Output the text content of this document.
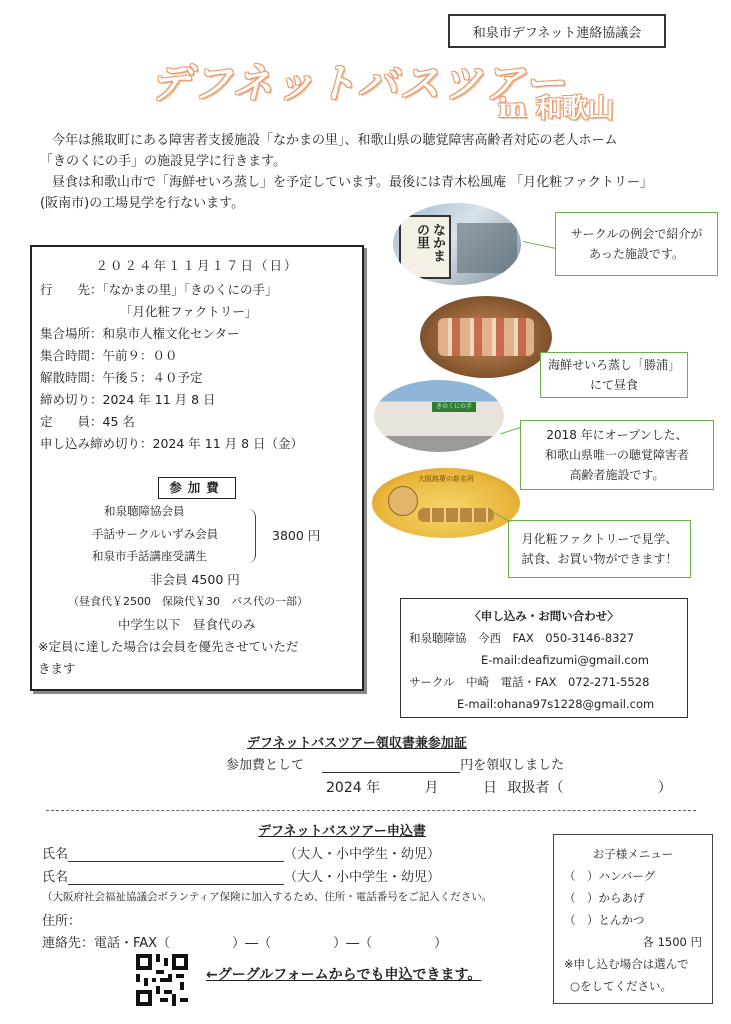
和泉市デフネット連絡協議会
デフネットバスツアー
in 和歌山

今年は熊取町にある障害者支援施設「なかまの里」、和歌山県の聴覚障害高齢者対応の老人ホーム

「きのくにの手」の施設見学に行きます。

昼食は和歌山市で「海鮮せいろ蒸し」を予定しています。最後には青木松風庵 「月化粧ファクトリー」

(阪南市)の工場見学を行ないます。

２０２４年１１月１７日（日）
行　　先：「なかまの里」「きのくにの手」
「月化粧ファクトリー」
集合場所：和泉市人権文化センター
集合時間：午前９：００
解散時間：午後５：４０予定
締め切り：2024 年 11 月 8 日
定　　員：45 名
申し込み締め切り：2024 年 11 月 8 日（金）
参加費
和泉聴障協会員
手話サークルいずみ会員
和泉市手話講座受講生
3800 円
非会員 4500 円
（昼食代￥2500　保険代￥30　バス代の一部）
中学生以下　昼食代のみ
※定員に達した場合は会員を優先させていただ
きます
なかまの里
きのくにの手
大阪銘菓の新名所
サークルの例会で紹介が
あった施設です。
海鮮せいろ蒸し「勝浦」
にて昼食
2018 年にオープンした、
和歌山県唯一の聴覚障害者
高齢者施設です。
月化粧ファクトリーで見学、
試食、お買い物ができます！
〈申し込み・お問い合わせ〉
和泉聴障協　今西　FAX　050-3146-8327
E-mail:deafizumi@gmail.com
サークル　中崎　電話・FAX　072-271-5528
E-mail:ohana97s1228@gmail.com
デフネットバスツアー領収書兼参加証
参加費として	円を領収しました
2024 年	月	日 取扱者（	）
デフネットバスツアー申込書
氏名	（大人・小中学生・幼児）
氏名	（大人・小中学生・幼児）
（大阪府社会福祉協議会ボランティア保険に加入するため、住所・電話番号をご記入ください。
住所：
連絡先：電話・FAX（	）―（	）―（	）
←グーグルフォームからでも申込できます。
お子様メニュー
（　）ハンバーグ
（　）からあげ
（　）とんかつ
各 1500 円
※申し込む場合は選んで
○をしてください。
